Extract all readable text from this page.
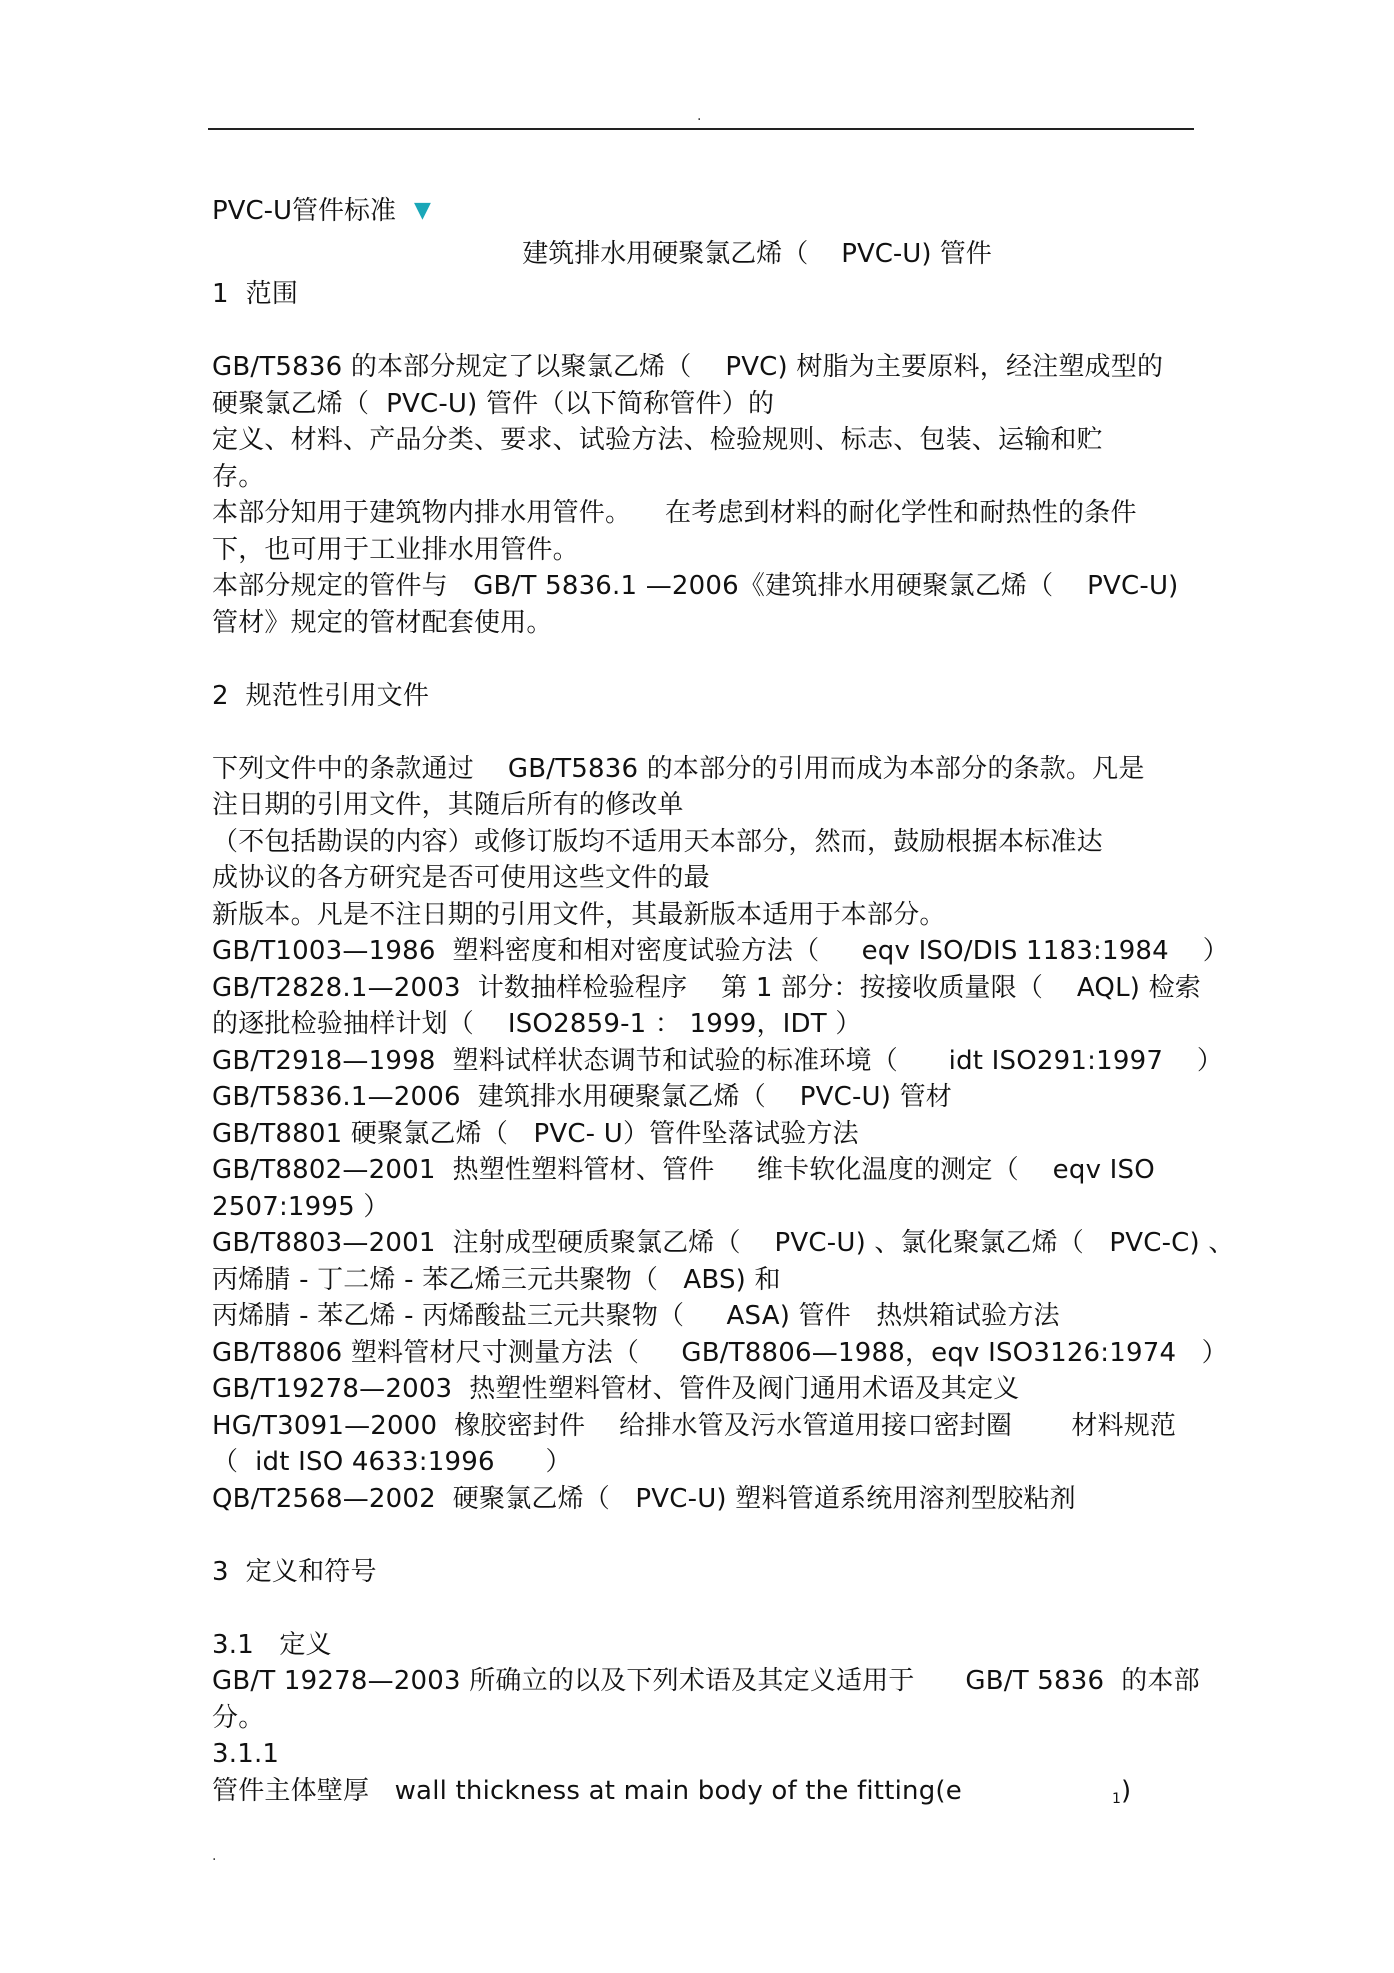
.
PVC-U管件标准 ▼
建筑排水用硬聚氯乙烯（    PVC-U) 管件
1  范围
GB/T5836 的本部分规定了以聚氯乙烯（    PVC) 树脂为主要原料，经注塑成型的
硬聚氯乙烯（  PVC-U) 管件（以下简称管件）的
定义、材料、产品分类、要求、试验方法、检验规则、标志、包装、运输和贮
存。
本部分知用于建筑物内排水用管件。    在考虑到材料的耐化学性和耐热性的条件
下，也可用于工业排水用管件。
本部分规定的管件与   GB/T 5836.1 —2006《建筑排水用硬聚氯乙烯（    PVC-U)
管材》规定的管材配套使用。
2  规范性引用文件
下列文件中的条款通过    GB/T5836 的本部分的引用而成为本部分的条款。凡是
注日期的引用文件，其随后所有的修改单
（不包括勘误的内容）或修订版均不适用天本部分，然而，鼓励根据本标准达
成协议的各方研究是否可使用这些文件的最
新版本。凡是不注日期的引用文件，其最新版本适用于本部分。
GB/T1003—1986  塑料密度和相对密度试验方法（     eqv ISO/DIS 1183:1984    ）
GB/T2828.1—2003  计数抽样检验程序    第 1 部分：按接收质量限（    AQL) 检索
的逐批检验抽样计划（    ISO2859-1 ： 1999，IDT ）
GB/T2918—1998  塑料试样状态调节和试验的标准环境（      idt ISO291:1997    ）
GB/T5836.1—2006  建筑排水用硬聚氯乙烯（    PVC-U) 管材
GB/T8801 硬聚氯乙烯（   PVC- U）管件坠落试验方法
GB/T8802—2001  热塑性塑料管材、管件     维卡软化温度的测定（    eqv ISO
2507:1995 ）
GB/T8803—2001  注射成型硬质聚氯乙烯（    PVC-U) 、氯化聚氯乙烯（   PVC-C) 、
丙烯腈 - 丁二烯 - 苯乙烯三元共聚物（   ABS) 和
丙烯腈 - 苯乙烯 - 丙烯酸盐三元共聚物（     ASA) 管件   热烘箱试验方法
GB/T8806 塑料管材尺寸测量方法（     GB/T8806—1988，eqv ISO3126:1974   ）
GB/T19278—2003  热塑性塑料管材、管件及阀门通用术语及其定义
HG/T3091—2000  橡胶密封件    给排水管及污水管道用接口密封圈       材料规范
（  idt ISO 4633:1996      ）
QB/T2568—2002  硬聚氯乙烯（   PVC-U) 塑料管道系统用溶剂型胶粘剂
3  定义和符号
3.1   定义
GB/T 19278—2003 所确立的以及下列术语及其定义适用于      GB/T 5836  的本部
分。
3.1.1
管件主体壁厚   wall thickness at main body of the fitting(e	$_1$)
.
